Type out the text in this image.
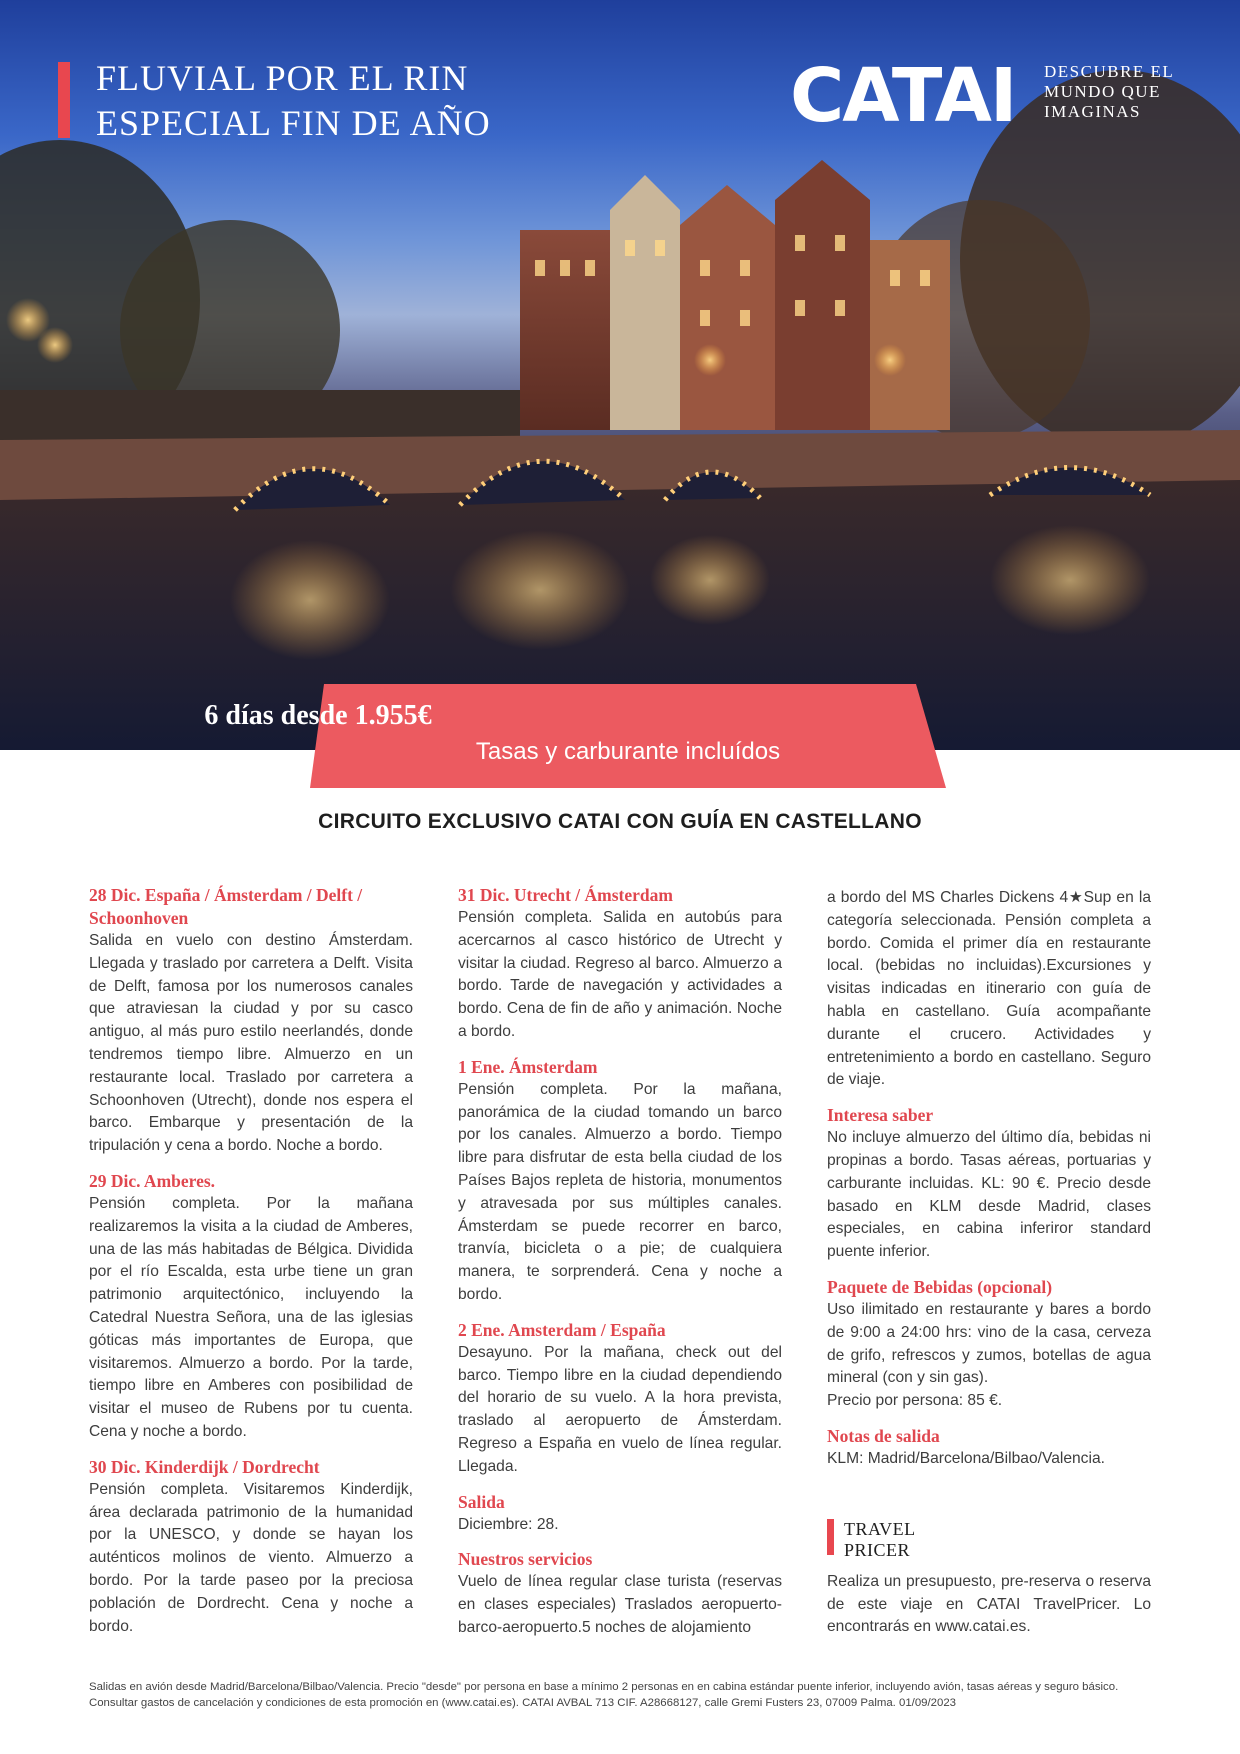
FLUVIAL POR EL RIN
ESPECIAL FIN DE AÑO	CATAI DESCUBRE EL
MUNDO QUE
IMAGINAS
6 días desde 1.955€
Tasas y carburante incluídos
CIRCUITO EXCLUSIVO CATAI CON GUÍA EN CASTELLANO

28 Dic. España / Ámsterdam / Delft / Schoonhoven

Salida en vuelo con destino Ámsterdam. Llegada y traslado por carretera a Delft. Visita de Delft, famosa por los numerosos canales que atraviesan la ciudad y por su casco antiguo, al más puro estilo neerlandés, donde tendremos tiempo libre. Almuerzo en un restaurante local. Traslado por carretera a Schoonhoven (Utrecht), donde nos espera el barco. Embarque y presentación de la tripulación y cena a bordo. Noche a bordo.

29 Dic. Amberes.

Pensión completa. Por la mañana realizaremos la visita a la ciudad de Amberes, una de las más habitadas de Bélgica. Dividida por el río Escalda, esta urbe tiene un gran patrimonio arquitectónico, incluyendo la Catedral Nuestra Señora, una de las iglesias góticas más importantes de Europa, que visitaremos. Almuerzo a bordo. Por la tarde, tiempo libre en Amberes con posibilidad de visitar el museo de Rubens por tu cuenta. Cena y noche a bordo.

30 Dic. Kinderdijk / Dordrecht

Pensión completa. Visitaremos Kinderdijk, área declarada patrimonio de la humanidad por la UNESCO, y donde se hayan los auténticos molinos de viento. Almuerzo a bordo. Por la tarde paseo por la preciosa población de Dordrecht. Cena y noche a bordo.

31 Dic. Utrecht / Ámsterdam

Pensión completa. Salida en autobús para acercarnos al casco histórico de Utrecht y visitar la ciudad. Regreso al barco. Almuerzo a bordo. Tarde de navegación y actividades a bordo. Cena de fin de año y animación. Noche a bordo.

1 Ene. Ámsterdam

Pensión completa. Por la mañana, panorámica de la ciudad tomando un barco por los canales. Almuerzo a bordo. Tiempo libre para disfrutar de esta bella ciudad de los Países Bajos repleta de historia, monumentos y atravesada por sus múltiples canales. Ámsterdam se puede recorrer en barco, tranvía, bicicleta o a pie; de cualquiera manera, te sorprenderá. Cena y noche a bordo.

2 Ene. Amsterdam / España

Desayuno. Por la mañana, check out del barco. Tiempo libre en la ciudad dependiendo del horario de su vuelo. A la hora prevista, traslado al aeropuerto de Ámsterdam. Regreso a España en vuelo de línea regular. Llegada.

Salida

Diciembre: 28.

Nuestros servicios

Vuelo de línea regular clase turista (reservas en clases especiales) Traslados aeropuerto-barco-aeropuerto.5 noches de alojamiento

a bordo del MS Charles Dickens 4★Sup en la categoría seleccionada. Pensión completa a bordo. Comida el primer día en restaurante local. (bebidas no incluidas).Excursiones y visitas indicadas en itinerario con guía de habla en castellano. Guía acompañante durante el crucero. Actividades y entretenimiento a bordo en castellano. Seguro de viaje.

Interesa saber

No incluye almuerzo del último día, bebidas ni propinas a bordo. Tasas aéreas, portuarias y carburante incluidas. KL: 90 €. Precio desde basado en KLM desde Madrid, clases especiales, en cabina inferiror standard puente inferior.

Paquete de Bebidas (opcional)

Uso ilimitado en restaurante y bares a bordo de 9:00 a 24:00 hrs: vino de la casa, cerveza de grifo, refrescos y zumos, botellas de agua mineral (con y sin gas).

Precio por persona: 85 €.

Notas de salida

KLM: Madrid/Barcelona/Bilbao/Valencia.

TRAVEL
PRICER

Realiza un presupuesto, pre-reserva o reserva de este viaje en CATAI TravelPricer. Lo encontrarás en www.catai.es.

Salidas en avión desde Madrid/Barcelona/Bilbao/Valencia. Precio "desde" por persona en base a mínimo 2 personas en en cabina estándar puente inferior, incluyendo avión, tasas aéreas y seguro básico. Consultar gastos de cancelación y condiciones de esta promoción en (www.catai.es). CATAI AVBAL 713 CIF. A28668127, calle Gremi Fusters 23, 07009 Palma. 01/09/2023
